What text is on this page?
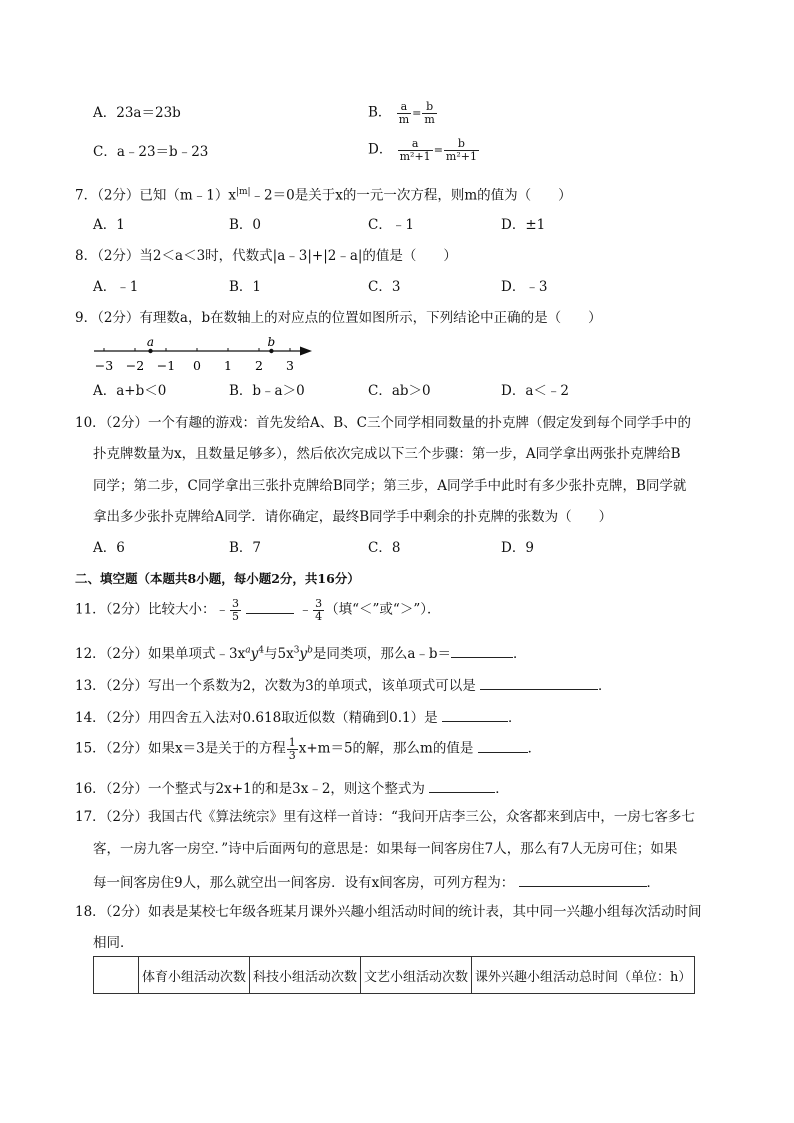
A．23a＝23b	B． $\frac{a}{m} = \frac{b}{m}$
C．a﹣23＝b﹣23	D． $\frac{a}{\text{m²+1}} = \frac{b}{\text{m²+1}}$
7．（2分）已知$(m﹣1)x^{|m|}﹣2=0$是关于x的一元一次方程，则m的值为（　　）
A．1	B．0	C．﹣1	D．±1
8．（2分）当2＜a＜3时，代数式|a﹣3|+|2﹣a|的值是（　　）
A．﹣1	B．1	C．3	D．﹣3
9．（2分）有理数a，b在数轴上的对应点的位置如图所示，下列结论中正确的是（　　）
−3 −2 −1 0 1 2 3
a	b
A．a+b＜0	B．b﹣a＞0	C．ab＞0	D．a＜﹣2
10．（2分）一个有趣的游戏：首先发给A、B、C三个同学相同数量的扑克牌（假定发到每个同学手中的
扑克牌数量为x，且数量足够多），然后依次完成以下三个步骤：第一步，A同学拿出两张扑克牌给B
同学；第二步，C同学拿出三张扑克牌给B同学；第三步，A同学手中此时有多少张扑克牌，B同学就
拿出多少张扑克牌给A同学．请你确定，最终B同学手中剩余的扑克牌的张数为（　　）
A．6	B．7	C．8	D．9
二、填空题（本题共8小题，每小题2分，共16分）
11．（2分）比较大小：﹣ $\frac{3}{5}$	﹣ $\frac{3}{4}$ （填“＜”或“＞”）．
12．（2分）如果单项式$﹣3x^ay^4$与$5x^3y^b$是同类项，那么a﹣b＝	．
13．（2分）写出一个系数为2，次数为3的单项式，该单项式可以是	．
14．（2分）用四舍五入法对0.618取近似数（精确到0.1）是	．
15．（2分）如果x＝3是关于的方程 $\frac{1}{3} x+m=5$的解，那么m的值是	．
16．（2分）一个整式与2x+1的和是3x﹣2，则这个整式为	．
17．（2分）我国古代《算法统宗》里有这样一首诗：“我问开店李三公，众客都来到店中，一房七客多七
客，一房九客一房空．”诗中后面两句的意思是：如果每一间客房住7人，那么有7人无房可住；如果
每一间客房住9人，那么就空出一间客房．设有x间客房，可列方程为：	．
18．（2分）如表是某校七年级各班某月课外兴趣小组活动时间的统计表，其中同一兴趣小组每次活动时间
相同．
	体育小组活动次数	科技小组活动次数	文艺小组活动次数	课外兴趣小组活动总时间（单位：h）
